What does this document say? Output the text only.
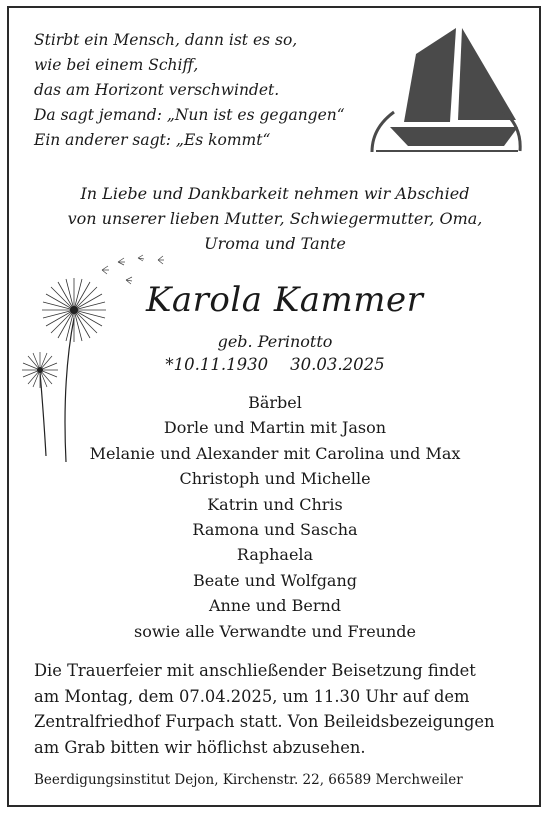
Stirbt ein Mensch, dann ist es so,
wie bei einem Schiff,
das am Horizont verschwindet.
Da sagt jemand: „Nun ist es gegangen“
Ein anderer sagt: „Es kommt“
In Liebe und Dankbarkeit nehmen wir Abschied
von unserer lieben Mutter, Schwiegermutter, Oma,
Uroma und Tante
Karola Kammer
geb. Perinotto
*10.11.1930 30.03.2025
Bärbel
Dorle und Martin mit Jason
Melanie und Alexander mit Carolina und Max
Christoph und Michelle
Katrin und Chris
Ramona und Sascha
Raphaela
Beate und Wolfgang
Anne und Bernd
sowie alle Verwandte und Freunde
Die Trauerfeier mit anschließender Beisetzung findet
am Montag, dem 07.04.2025, um 11.30 Uhr auf dem
Zentralfriedhof Furpach statt. Von Beileidsbezeigungen
am Grab bitten wir höflichst abzusehen.
Beerdigungsinstitut Dejon, Kirchenstr. 22, 66589 Merchweiler
